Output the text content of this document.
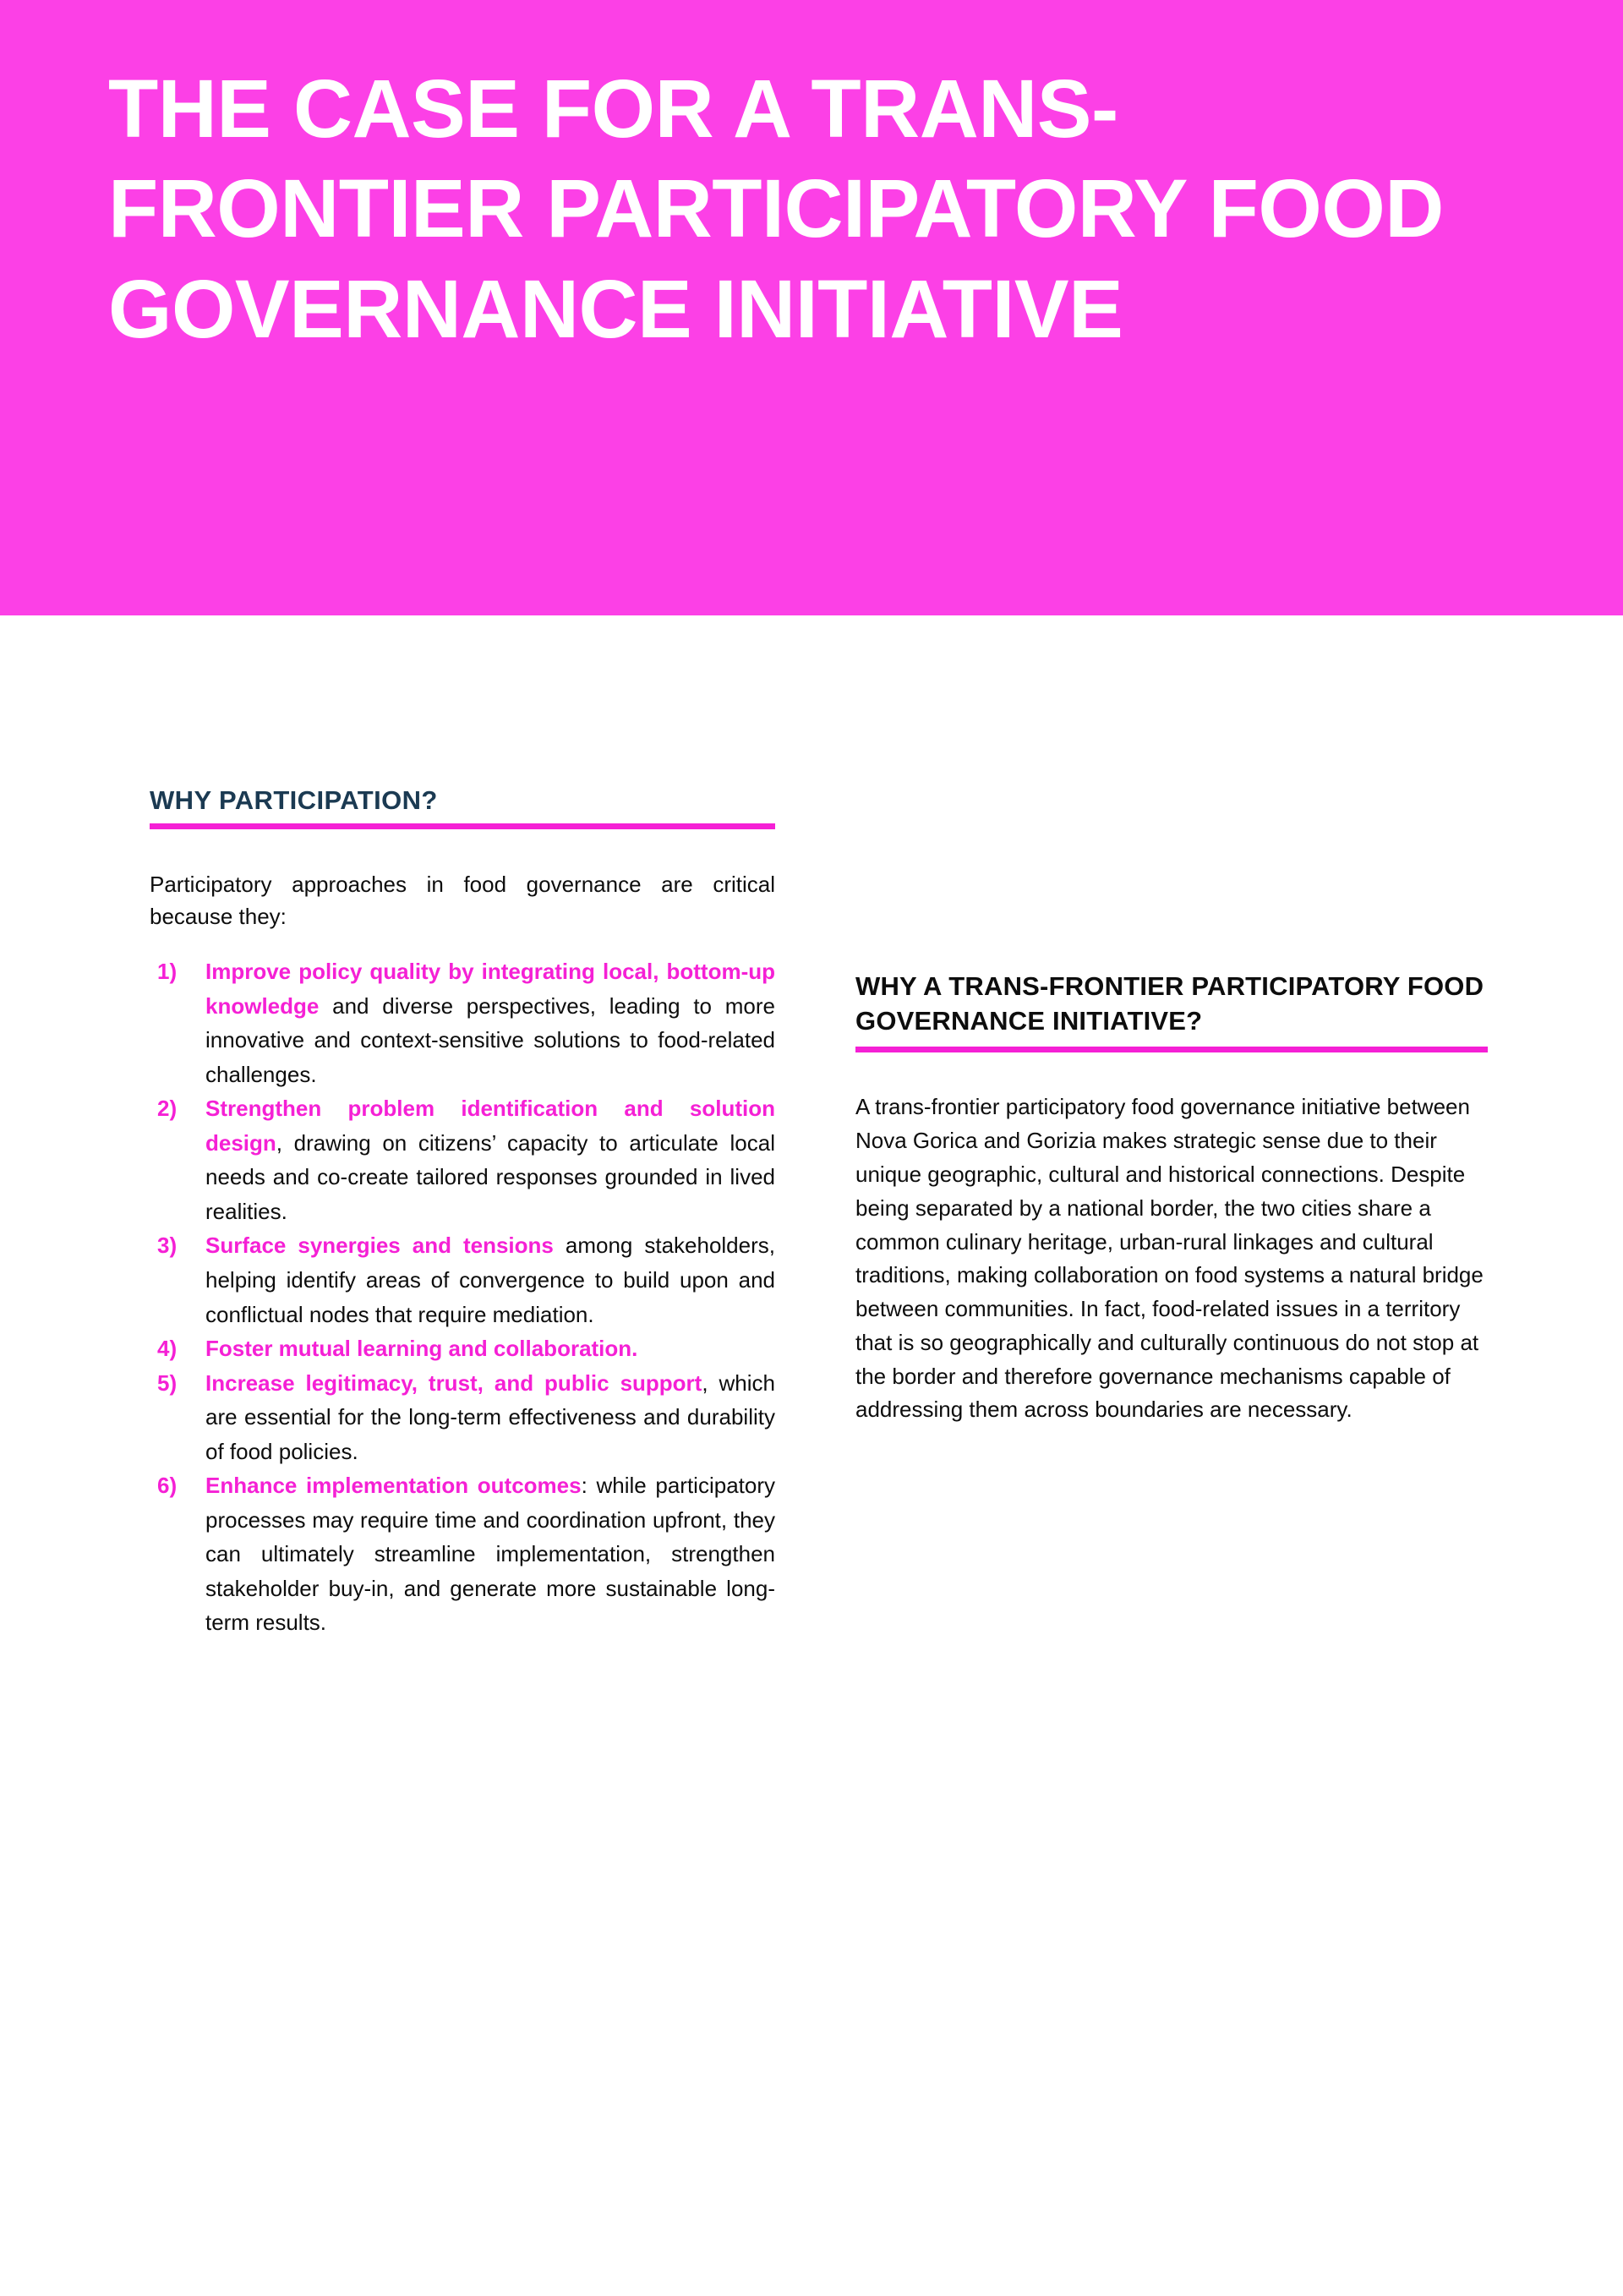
THE CASE FOR A TRANS-FRONTIER PARTICIPATORY FOOD GOVERNANCE INITIATIVE
WHY PARTICIPATION?

Participatory approaches in food governance are critical because they:

1) Improve policy quality by integrating local, bottom-up knowledge and diverse perspectives, leading to more innovative and context-sensitive solutions to food-related challenges.
2) Strengthen problem identification and solution design, drawing on citizens’ capacity to articulate local needs and co-create tailored responses grounded in lived realities.
3) Surface synergies and tensions among stakeholders, helping identify areas of convergence to build upon and conflictual nodes that require mediation.
4) Foster mutual learning and collaboration.
5) Increase legitimacy, trust, and public support, which are essential for the long-term effectiveness and durability of food policies.
6) Enhance implementation outcomes: while participatory processes may require time and coordination upfront, they can ultimately streamline implementation, strengthen stakeholder buy-in, and generate more sustainable long-term results.
WHY A TRANS-FRONTIER PARTICIPATORY FOOD GOVERNANCE INITIATIVE?

A trans-frontier participatory food governance initiative between Nova Gorica and Gorizia makes strategic sense due to their unique geographic, cultural and historical connections. Despite being separated by a national border, the two cities share a common culinary heritage, urban-rural linkages and cultural traditions, making collaboration on food systems a natural bridge between communities. In fact, food-related issues in a territory that is so geographically and culturally continuous do not stop at the border and therefore governance mechanisms capable of addressing them across boundaries are necessary.
